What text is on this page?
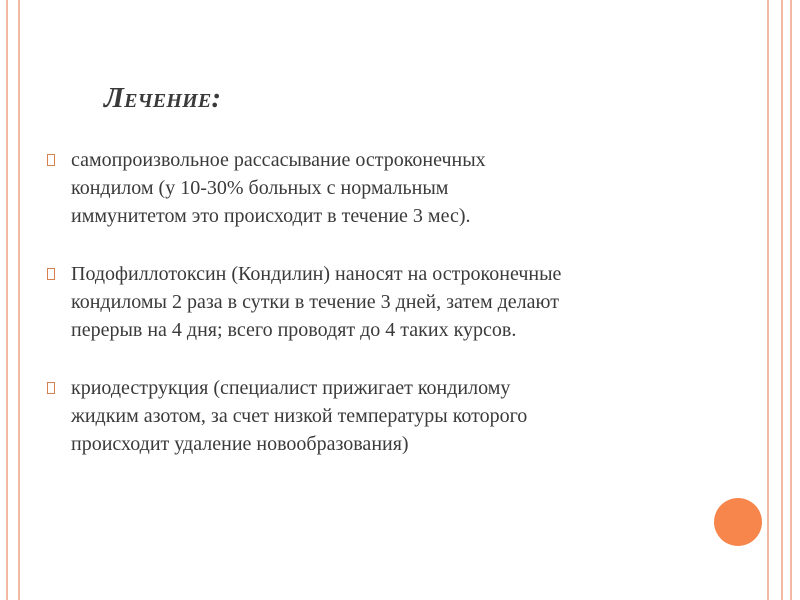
Лечение:

самопроизвольное рассасывание остроконечных
кондилом (у 10-30% больных с нормальным
иммунитетом это происходит в течение 3 мес).

Подофиллотоксин (Кондилин) наносят на остроконечные
кондиломы 2 раза в сутки в течение 3 дней, затем делают
перерыв на 4 дня; всего проводят до 4 таких курсов.

криодеструкция (специалист прижигает кондилому
жидким азотом, за счет низкой температуры которого
происходит удаление новообразования)
